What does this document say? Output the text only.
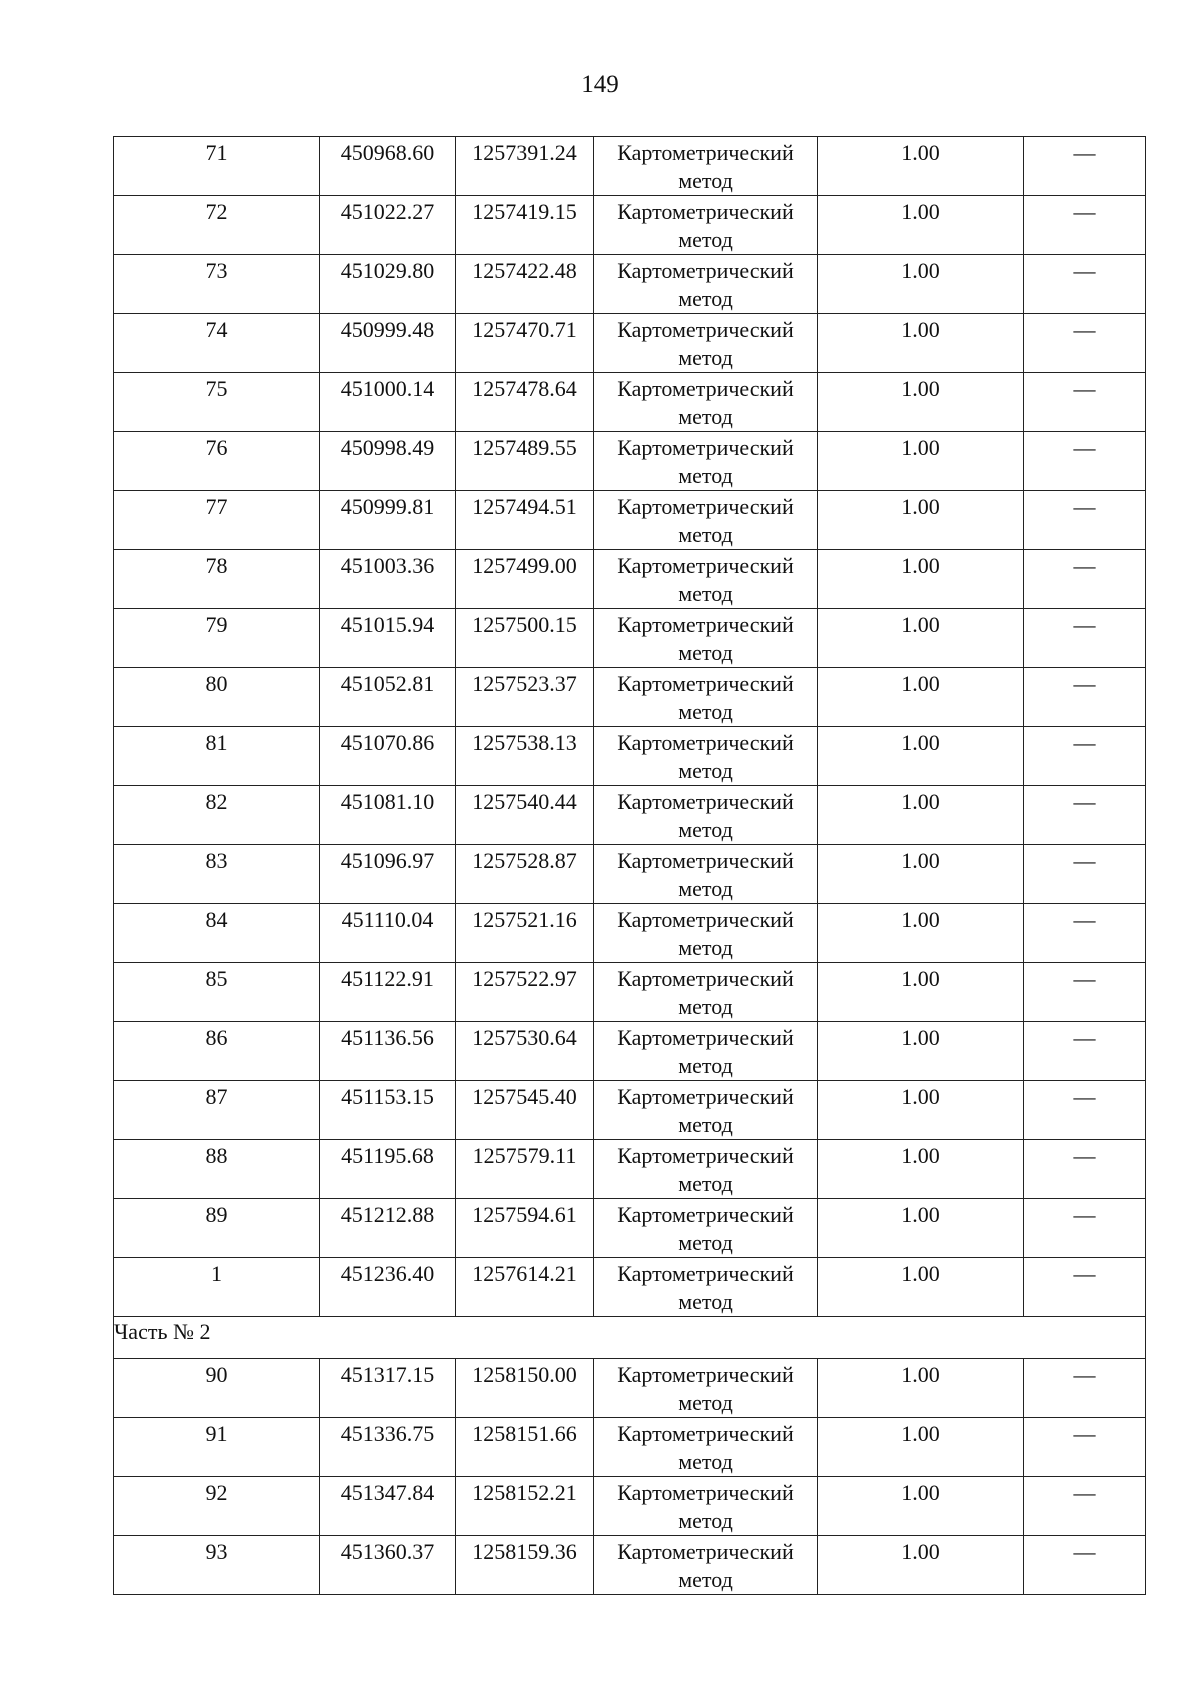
149
71	450968.60	1257391.24	Картометрический метод	1.00	—

72	451022.27	1257419.15	Картометрический метод	1.00	—

73	451029.80	1257422.48	Картометрический метод	1.00	—

74	450999.48	1257470.71	Картометрический метод	1.00	—

75	451000.14	1257478.64	Картометрический метод	1.00	—

76	450998.49	1257489.55	Картометрический метод	1.00	—

77	450999.81	1257494.51	Картометрический метод	1.00	—

78	451003.36	1257499.00	Картометрический метод	1.00	—

79	451015.94	1257500.15	Картометрический метод	1.00	—

80	451052.81	1257523.37	Картометрический метод	1.00	—

81	451070.86	1257538.13	Картометрический метод	1.00	—

82	451081.10	1257540.44	Картометрический метод	1.00	—

83	451096.97	1257528.87	Картометрический метод	1.00	—

84	451110.04	1257521.16	Картометрический метод	1.00	—

85	451122.91	1257522.97	Картометрический метод	1.00	—

86	451136.56	1257530.64	Картометрический метод	1.00	—

87	451153.15	1257545.40	Картометрический метод	1.00	—

88	451195.68	1257579.11	Картометрический метод	1.00	—

89	451212.88	1257594.61	Картометрический метод	1.00	—

1	451236.40	1257614.21	Картометрический метод	1.00	—

Часть № 2					

90	451317.15	1258150.00	Картометрический метод	1.00	—

91	451336.75	1258151.66	Картометрический метод	1.00	—

92	451347.84	1258152.21	Картометрический метод	1.00	—

93	451360.37	1258159.36	Картометрический метод	1.00	—
